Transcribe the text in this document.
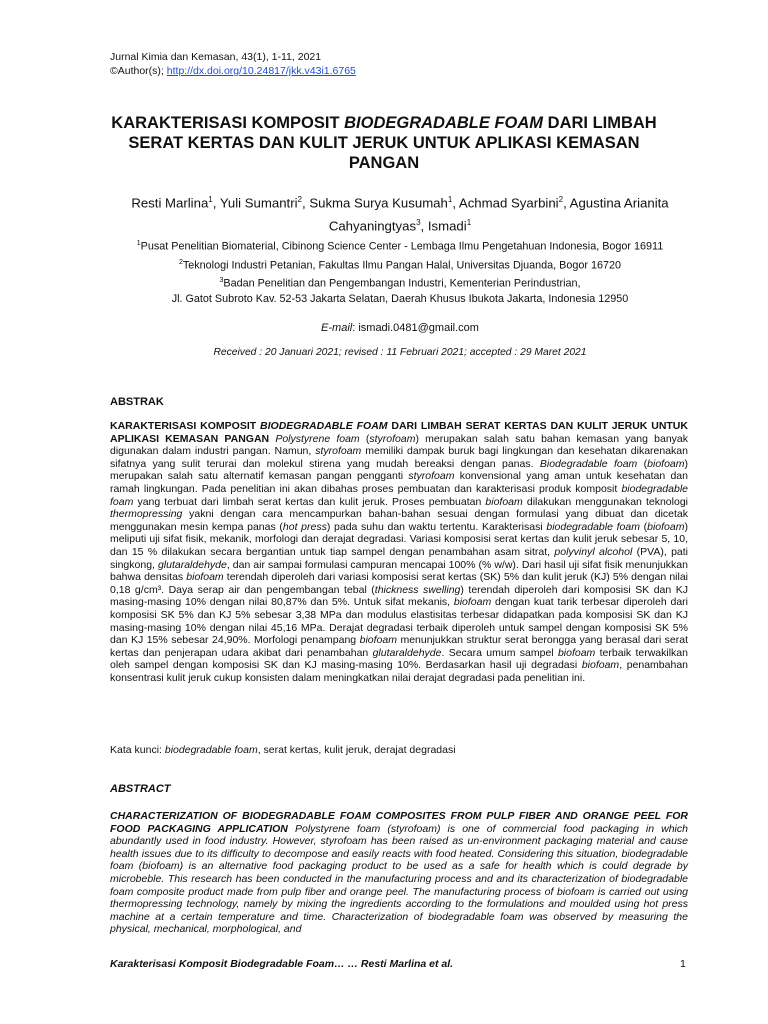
Jurnal Kimia dan Kemasan, 43(1), 1-11, 2021
©Author(s); http://dx.doi.org/10.24817/jkk.v43i1.6765
KARAKTERISASI KOMPOSIT BIODEGRADABLE FOAM DARI LIMBAH SERAT KERTAS DAN KULIT JERUK UNTUK APLIKASI KEMASAN PANGAN
Resti Marlina$^1$, Yuli Sumantri$^2$, Sukma Surya Kusumah$^1$, Achmad Syarbini$^2$, Agustina Arianita Cahyaningtyas$^3$, Ismadi$^1$
$^1$Pusat Penelitian Biomaterial, Cibinong Science Center - Lembaga Ilmu Pengetahuan Indonesia, Bogor 16911
$^2$Teknologi Industri Petanian, Fakultas Ilmu Pangan Halal, Universitas Djuanda, Bogor 16720
$^3$Badan Penelitian dan Pengembangan Industri, Kementerian Perindustrian,
Jl. Gatot Subroto Kav. 52-53 Jakarta Selatan, Daerah Khusus Ibukota Jakarta, Indonesia 12950
E-mail: ismadi.0481@gmail.com
Received : 20 Januari 2021; revised : 11 Februari 2021; accepted : 29 Maret 2021
ABSTRAK
KARAKTERISASI KOMPOSIT BIODEGRADABLE FOAM DARI LIMBAH SERAT KERTAS DAN KULIT JERUK UNTUK APLIKASI KEMASAN PANGAN Polystyrene foam (styrofoam) merupakan salah satu bahan kemasan yang banyak digunakan dalam industri pangan. Namun, styrofoam memiliki dampak buruk bagi lingkungan dan kesehatan dikarenakan sifatnya yang sulit terurai dan molekul stirena yang mudah bereaksi dengan panas. Biodegradable foam (biofoam) merupakan salah satu alternatif kemasan pangan pengganti styrofoam konvensional yang aman untuk kesehatan dan ramah lingkungan. Pada penelitian ini akan dibahas proses pembuatan dan karakterisasi produk komposit biodegradable foam yang terbuat dari limbah serat kertas dan kulit jeruk. Proses pembuatan biofoam dilakukan menggunakan teknologi thermopressing yakni dengan cara mencampurkan bahan-bahan sesuai dengan formulasi yang dibuat dan dicetak menggunakan mesin kempa panas (hot press) pada suhu dan waktu tertentu. Karakterisasi biodegradable foam (biofoam) meliputi uji sifat fisik, mekanik, morfologi dan derajat degradasi. Variasi komposisi serat kertas dan kulit jeruk sebesar 5, 10, dan 15 % dilakukan secara bergantian untuk tiap sampel dengan penambahan asam sitrat, polyvinyl alcohol (PVA), pati singkong, glutaraldehyde, dan air sampai formulasi campuran mencapai 100% (% w/w). Dari hasil uji sifat fisik menunjukkan bahwa densitas biofoam terendah diperoleh dari variasi komposisi serat kertas (SK) 5% dan kulit jeruk (KJ) 5% dengan nilai 0,18 g/cm³. Daya serap air dan pengembangan tebal (thickness swelling) terendah diperoleh dari komposisi SK dan KJ masing-masing 10% dengan nilai 80,87% dan 5%. Untuk sifat mekanis, biofoam dengan kuat tarik terbesar diperoleh dari komposisi SK 5% dan KJ 5% sebesar 3,38 MPa dan modulus elastisitas terbesar didapatkan pada komposisi SK dan KJ masing-masing 10% dengan nilai 45,16 MPa. Derajat degradasi terbaik diperoleh untuk sampel dengan komposisi SK 5% dan KJ 15% sebesar 24,90%. Morfologi penampang biofoam menunjukkan struktur serat berongga yang berasal dari serat kertas dan penjerapan udara akibat dari penambahan glutaraldehyde. Secara umum sampel biofoam terbaik terwakilkan oleh sampel dengan komposisi SK dan KJ masing-masing 10%. Berdasarkan hasil uji degradasi biofoam, penambahan konsentrasi kulit jeruk cukup konsisten dalam meningkatkan nilai derajat degradasi pada penelitian ini.
Kata kunci: biodegradable foam, serat kertas, kulit jeruk, derajat degradasi
ABSTRACT
CHARACTERIZATION OF BIODEGRADABLE FOAM COMPOSITES FROM PULP FIBER AND ORANGE PEEL FOR FOOD PACKAGING APPLICATION Polystyrene foam (styrofoam) is one of commercial food packaging in which abundantly used in food industry. However, styrofoam has been raised as un-environment packaging material and cause health issues due to its difficulty to decompose and easily reacts with food heated. Considering this situation, biodegradable foam (biofoam) is an alternative food packaging product to be used as a safe for health which is could degrade by microbeble. This research has been conducted in the manufacturing process and and its characterization of biodegradable foam composite product made from pulp fiber and orange peel. The manufacturing process of biofoam is carried out using thermopressing technology, namely by mixing the ingredients according to the formulations and moulded using hot press machine at a certain temperature and time. Characterization of biodegradable foam was observed by measuring the physical, mechanical, morphological, and
Karakterisasi Komposit Biodegradable Foam… … Resti Marlina et al.	1
